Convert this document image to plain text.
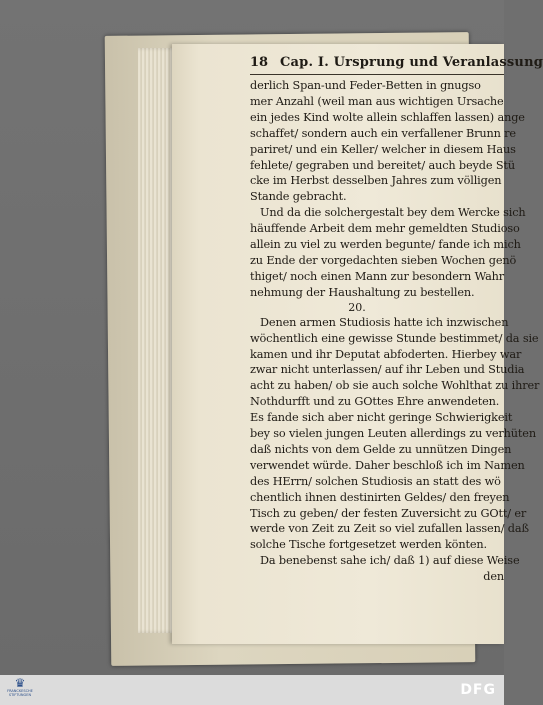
18 Cap. I. Ursprung und Veranlassung
derlich Span-und Feder-Betten in gnugso
mer Anzahl (weil man aus wichtigen Ursache
ein jedes Kind wolte allein schlaffen lassen) ange
schaffet/ sondern auch ein verfallener Brunn re
pariret/ und ein Keller/ welcher in diesem Haus
fehlete/ gegraben und bereitet/ auch beyde Stü
cke im Herbst desselben Jahres zum völligen
Stande gebracht.
Und da die solchergestalt bey dem Wercke sich
häuffende Arbeit dem mehr gemeldten Studioso
allein zu viel zu werden begunte/ fande ich mich
zu Ende der vorgedachten sieben Wochen genö
thiget/ noch einen Mann zur besondern Wahr
nehmung der Haushaltung zu bestellen.
20.
Denen armen Studiosis hatte ich inzwischen
wöchentlich eine gewisse Stunde bestimmet/ da sie
kamen und ihr Deputat abfoderten. Hierbey war
zwar nicht unterlassen/ auf ihr Leben und Studia
acht zu haben/ ob sie auch solche Wohlthat zu ihrer
Nothdurfft und zu GOttes Ehre anwendeten.
Es fande sich aber nicht geringe Schwierigkeit
bey so vielen jungen Leuten allerdings zu verhüten
daß nichts von dem Gelde zu unnützen Dingen
verwendet würde. Daher beschloß ich im Namen
des HErrn/ solchen Studiosis an statt des wö
chentlich ihnen destinirten Geldes/ den freyen
Tisch zu geben/ der festen Zuversicht zu GOtt/ er
werde von Zeit zu Zeit so viel zufallen lassen/ daß
solche Tische fortgesetzet werden könten.
Da benebenst sahe ich/ daß 1) auf diese Weise
den
♛
FRANCKESCHE STIFTUNGEN	DFG
